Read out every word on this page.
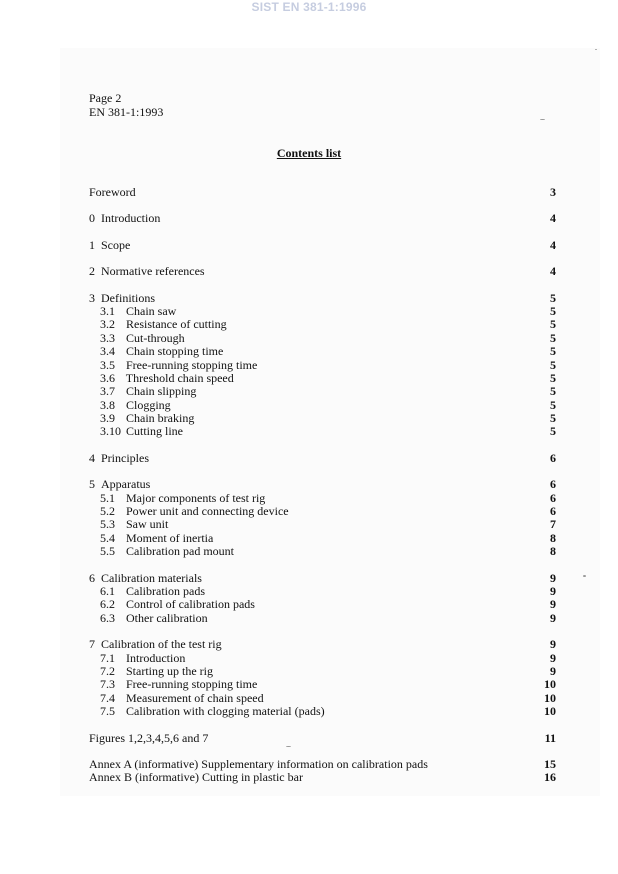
SIST EN 381-1:1996
Page 2
EN 381-1:1993
Contents list
Foreword	3
0 Introduction	4
1 Scope	4
2 Normative references	4
3 Definitions	5
3.1 Chain saw	5
3.2 Resistance of cutting	5
3.3 Cut-through	5
3.4 Chain stopping time	5
3.5 Free-running stopping time	5
3.6 Threshold chain speed	5
3.7 Chain slipping	5
3.8 Clogging	5
3.9 Chain braking	5
3.10 Cutting line	5
4 Principles	6
5 Apparatus	6
5.1 Major components of test rig	6
5.2 Power unit and connecting device	6
5.3 Saw unit	7
5.4 Moment of inertia	8
5.5 Calibration pad mount	8
6 Calibration materials	9
6.1 Calibration pads	9
6.2 Control of calibration pads	9
6.3 Other calibration	9
7 Calibration of the test rig	9
7.1 Introduction	9
7.2 Starting up the rig	9
7.3 Free-running stopping time	10
7.4 Measurement of chain speed	10
7.5 Calibration with clogging material (pads)	10
Figures 1,2,3,4,5,6 and 7	11
Annex A (informative) Supplementary information on calibration pads	15
Annex B (informative) Cutting in plastic bar	16
